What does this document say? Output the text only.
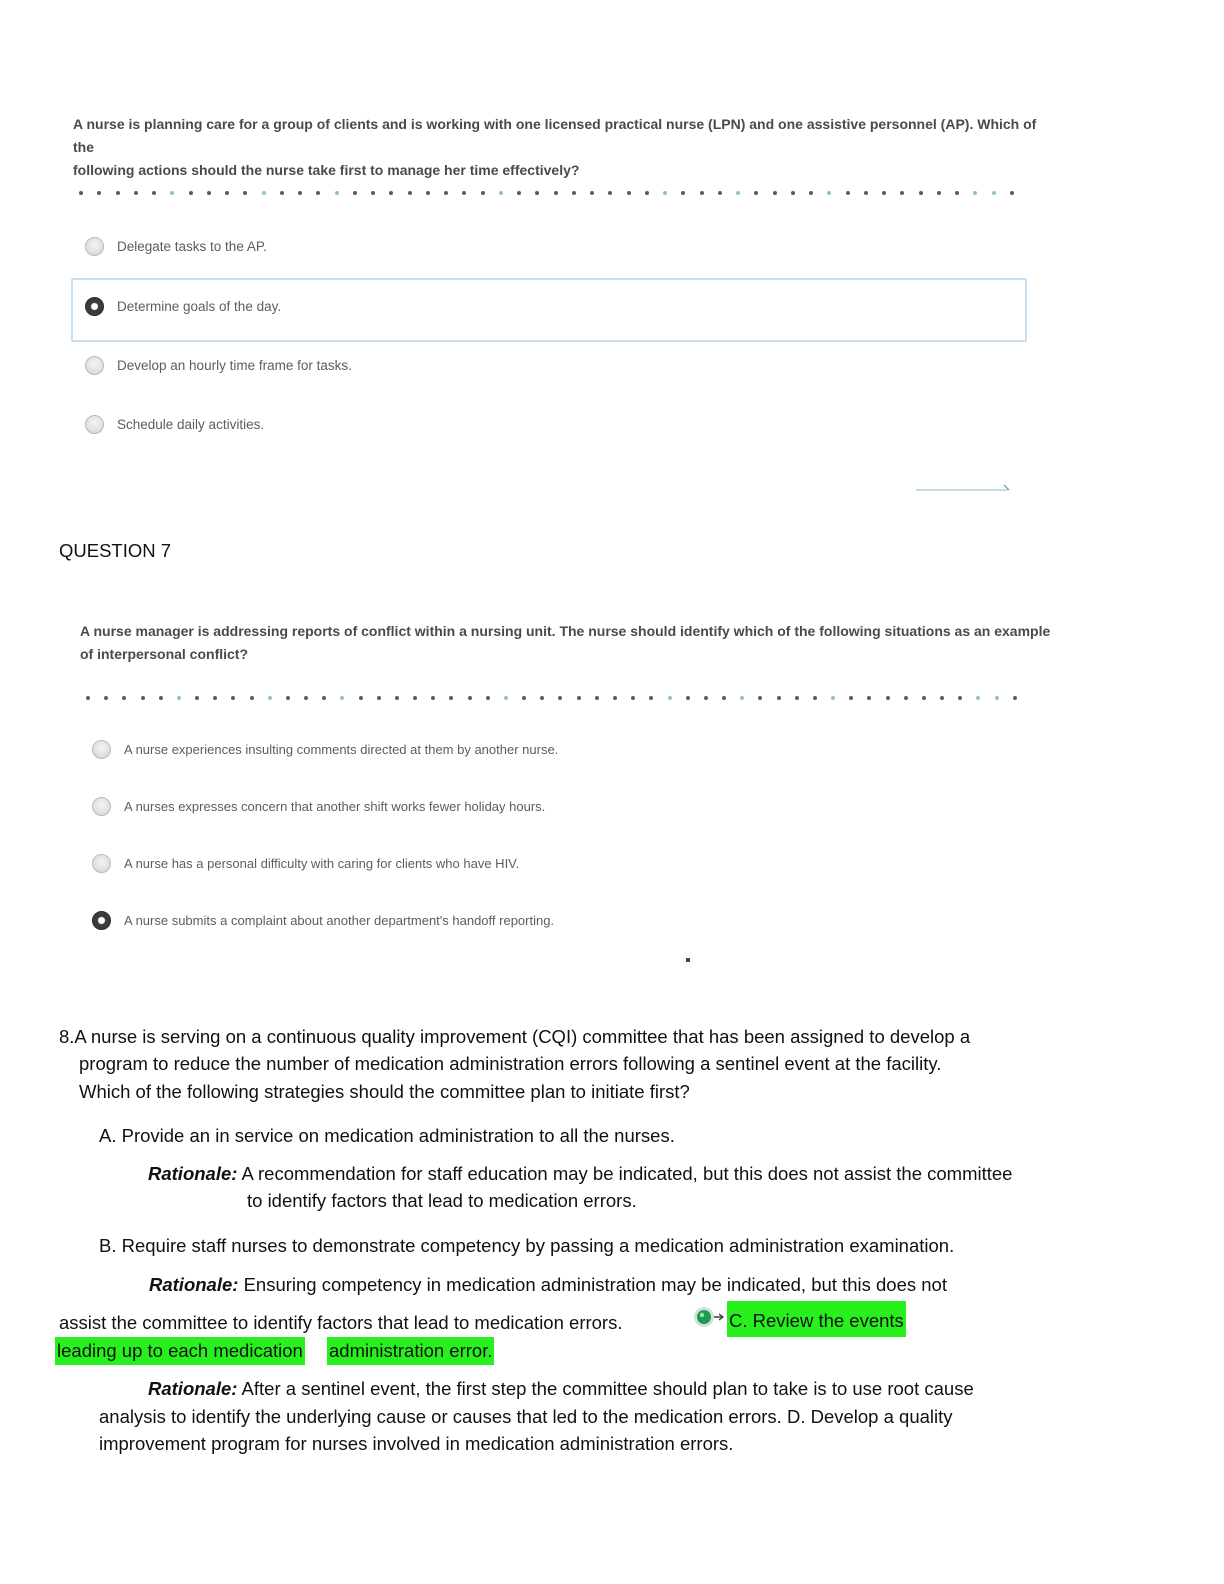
A nurse is planning care for a group of clients and is working with one licensed practical nurse (LPN) and one assistive personnel (AP). Which of the
following actions should the nurse take first to manage her time effectively?
Delegate tasks to the AP.
Determine goals of the day.
Develop an hourly time frame for tasks.
Schedule daily activities.
QUESTION 7
A nurse manager is addressing reports of conflict within a nursing unit. The nurse should identify which of the following situations as an example
of interpersonal conflict?
A nurse experiences insulting comments directed at them by another nurse.
A nurses expresses concern that another shift works fewer holiday hours.
A nurse has a personal difficulty with caring for clients who have HIV.
A nurse submits a complaint about another department's handoff reporting.
8.A nurse is serving on a continuous quality improvement (CQI) committee that has been assigned to develop a
program to reduce the number of medication administration errors following a sentinel event at the facility.
Which of the following strategies should the committee plan to initiate first?
A. Provide an in service on medication administration to all the nurses.
Rationale: A recommendation for staff education may be indicated, but this does not assist the committee
to identify factors that lead to medication errors.
B. Require staff nurses to demonstrate competency by passing a medication administration examination.
Rationale: Ensuring competency in medication administration may be indicated, but this does not
assist the committee to identify factors that lead to medication errors.	C. Review the events
leading up to each medication administration error.
Rationale: After a sentinel event, the first step the committee should plan to take is to use root cause
analysis to identify the underlying cause or causes that led to the medication errors. D. Develop a quality
improvement program for nurses involved in medication administration errors.
